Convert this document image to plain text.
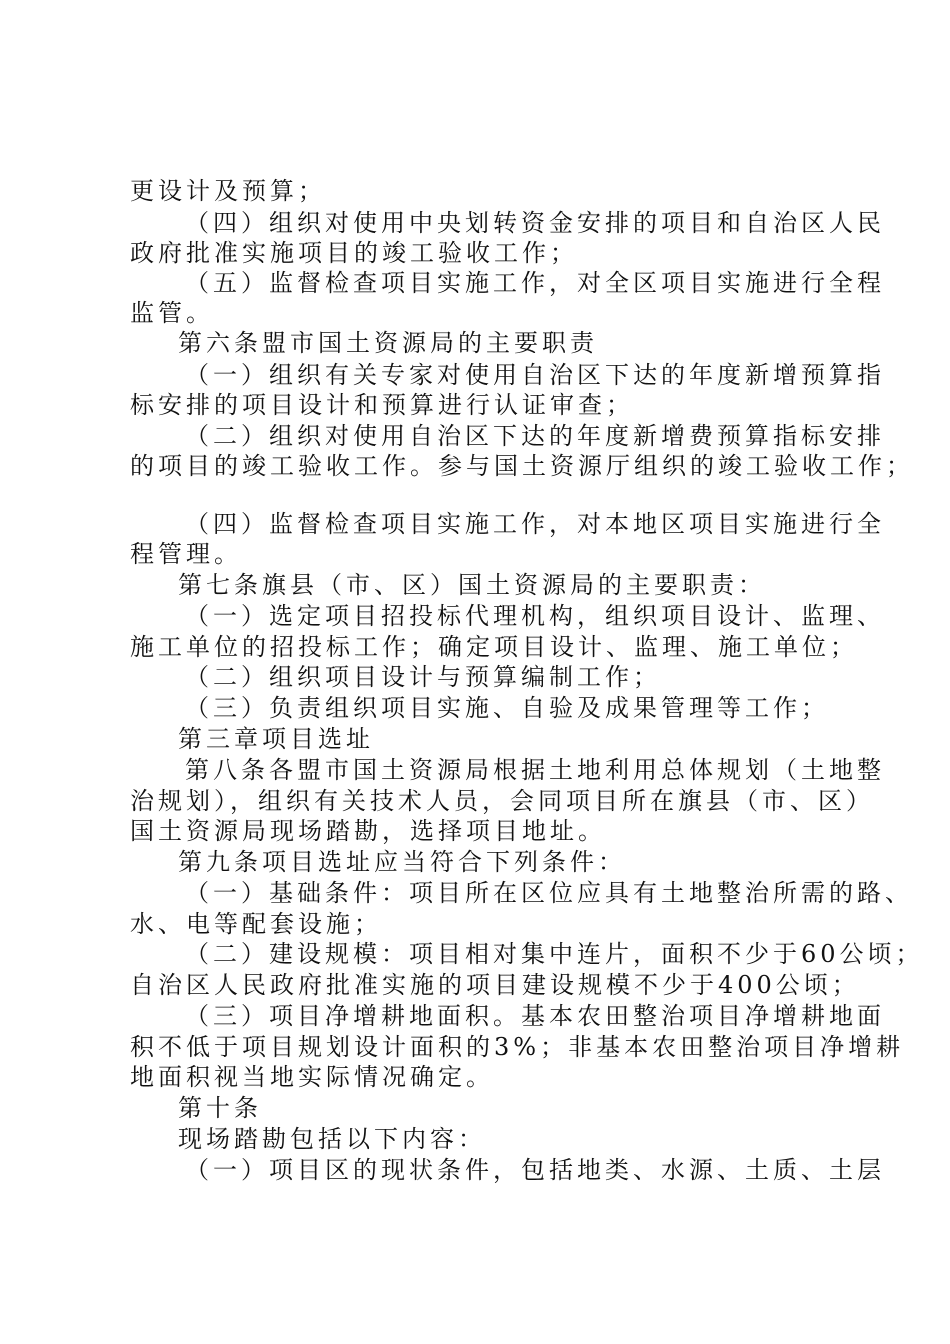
更设计及预算；
（四）组织对使用中央划转资金安排的项目和自治区人民
政府批准实施项目的竣工验收工作；
（五）监督检查项目实施工作，对全区项目实施进行全程
监管。
第六条盟市国土资源局的主要职责
（一）组织有关专家对使用自治区下达的年度新增预算指
标安排的项目设计和预算进行认证审查；
（二）组织对使用自治区下达的年度新增费预算指标安排
的项目的竣工验收工作。参与国土资源厅组织的竣工验收工作；
（四）监督检查项目实施工作，对本地区项目实施进行全
程管理。
第七条旗县（市、区）国土资源局的主要职责：
（一）选定项目招投标代理机构，组织项目设计、监理、
施工单位的招投标工作；确定项目设计、监理、施工单位；
（二）组织项目设计与预算编制工作；
（三）负责组织项目实施、自验及成果管理等工作；
第三章项目选址
第八条各盟市国土资源局根据土地利用总体规划（土地整
治规划），组织有关技术人员，会同项目所在旗县（市、区）
国土资源局现场踏勘，选择项目地址。
第九条项目选址应当符合下列条件：
（一）基础条件：项目所在区位应具有土地整治所需的路、
水、电等配套设施；
（二）建设规模：项目相对集中连片，面积不少于60公顷；
自治区人民政府批准实施的项目建设规模不少于400公顷；
（三）项目净增耕地面积。基本农田整治项目净增耕地面
积不低于项目规划设计面积的3%；非基本农田整治项目净增耕
地面积视当地实际情况确定。
第十条
现场踏勘包括以下内容：
（一）项目区的现状条件，包括地类、水源、土质、土层
